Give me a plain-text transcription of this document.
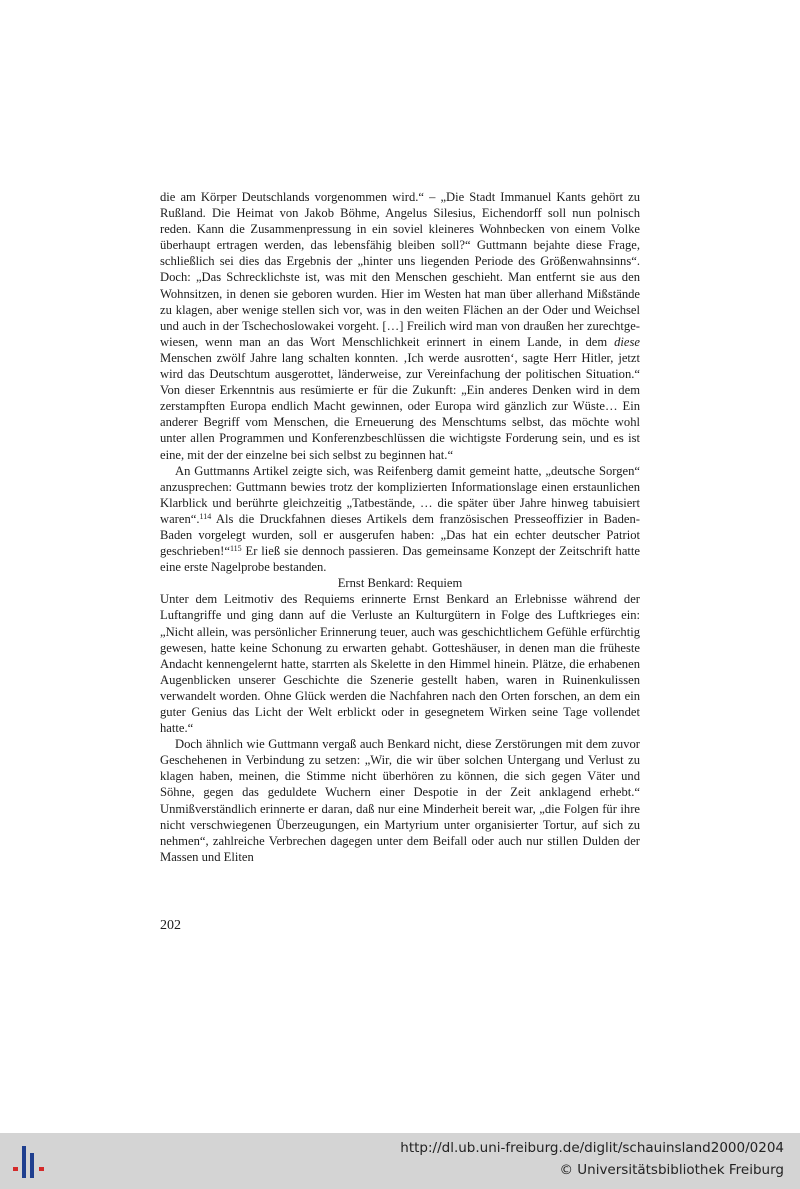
die am Körper Deutschlands vorgenommen wird.“ – „Die Stadt Immanuel Kants gehört zu Rußland. Die Heimat von Jakob Böhme, Angelus Silesius, Eichendorff soll nun polnisch reden. Kann die Zusammenpressung in ein soviel kleineres Wohnbecken von einem Volke überhaupt ertragen werden, das lebensfähig bleiben soll?“ Guttmann bejahte diese Frage, schließlich sei dies das Ergebnis der „hinter uns liegenden Periode des Größenwahnsinns“. Doch: „Das Schrecklichste ist, was mit den Menschen geschieht. Man entfernt sie aus den Wohnsitzen, in denen sie geboren wurden. Hier im Westen hat man über allerhand Mißstände zu klagen, aber wenige stellen sich vor, was in den weiten Flächen an der Oder und Weichsel und auch in der Tschechoslowakei vorgeht. […] Freilich wird man von draußen her zurechtgewiesen, wenn man an das Wort Menschlichkeit erinnert in einem Lande, in dem diese Menschen zwölf Jahre lang schalten konnten. ‚Ich werde ausrotten‘, sagte Herr Hitler, jetzt wird das Deutschtum ausgerottet, länderweise, zur Vereinfachung der politischen Situation.“ Von dieser Erkenntnis aus resümierte er für die Zukunft: „Ein anderes Denken wird in dem zerstampften Europa endlich Macht gewinnen, oder Europa wird gänzlich zur Wüste… Ein anderer Begriff vom Menschen, die Erneuerung des Menschtums selbst, das möchte wohl unter allen Programmen und Konferenzbeschlüssen die wichtigste Forderung sein, und es ist eine, mit der der einzelne bei sich selbst zu beginnen hat.“

An Guttmanns Artikel zeigte sich, was Reifenberg damit gemeint hatte, „deutsche Sorgen“ anzusprechen: Guttmann bewies trotz der komplizierten Informationslage einen erstaunlichen Klarblick und berührte gleichzeitig „Tatbestände, … die später über Jahre hinweg tabuisiert waren“.$^{114}$ Als die Druckfahnen dieses Artikels dem französischen Presseoffizier in Baden-Baden vorgelegt wurden, soll er ausgerufen haben: „Das hat ein echter deutscher Patriot geschrieben!“$^{115}$ Er ließ sie dennoch passieren. Das gemeinsame Konzept der Zeitschrift hatte eine erste Nagelprobe bestanden.

Ernst Benkard: Requiem

Unter dem Leitmotiv des Requiems erinnerte Ernst Benkard an Erlebnisse während der Luftangriffe und ging dann auf die Verluste an Kulturgütern in Folge des Luftkrieges ein: „Nicht allein, was persönlicher Erinnerung teuer, auch was geschichtlichem Gefühle erfürchtig gewesen, hatte keine Schonung zu erwarten gehabt. Gotteshäuser, in denen man die früheste Andacht kennengelernt hatte, starrten als Skelette in den Himmel hinein. Plätze, die erhabenen Augenblicken unserer Geschichte die Szenerie gestellt haben, waren in Ruinenkulissen verwandelt worden. Ohne Glück werden die Nachfahren nach den Orten forschen, an dem ein guter Genius das Licht der Welt erblickt oder in gesegnetem Wirken seine Tage vollendet hatte.“

Doch ähnlich wie Guttmann vergaß auch Benkard nicht, diese Zerstörungen mit dem zuvor Geschehenen in Verbindung zu setzen: „Wir, die wir über solchen Untergang und Verlust zu klagen haben, meinen, die Stimme nicht überhören zu können, die sich gegen Väter und Söhne, gegen das geduldete Wuchern einer Despotie in der Zeit anklagend erhebt.“ Unmißverständlich erinnerte er daran, daß nur eine Minderheit bereit war, „die Folgen für ihre nicht verschwiegenen Überzeugungen, ein Martyrium unter organisierter Tortur, auf sich zu nehmen“, zahlreiche Verbrechen dagegen unter dem Beifall oder auch nur stillen Dulden der Massen und Eliten

202
http://dl.ub.uni-freiburg.de/diglit/schauinsland2000/0204
© Universitätsbibliothek Freiburg
